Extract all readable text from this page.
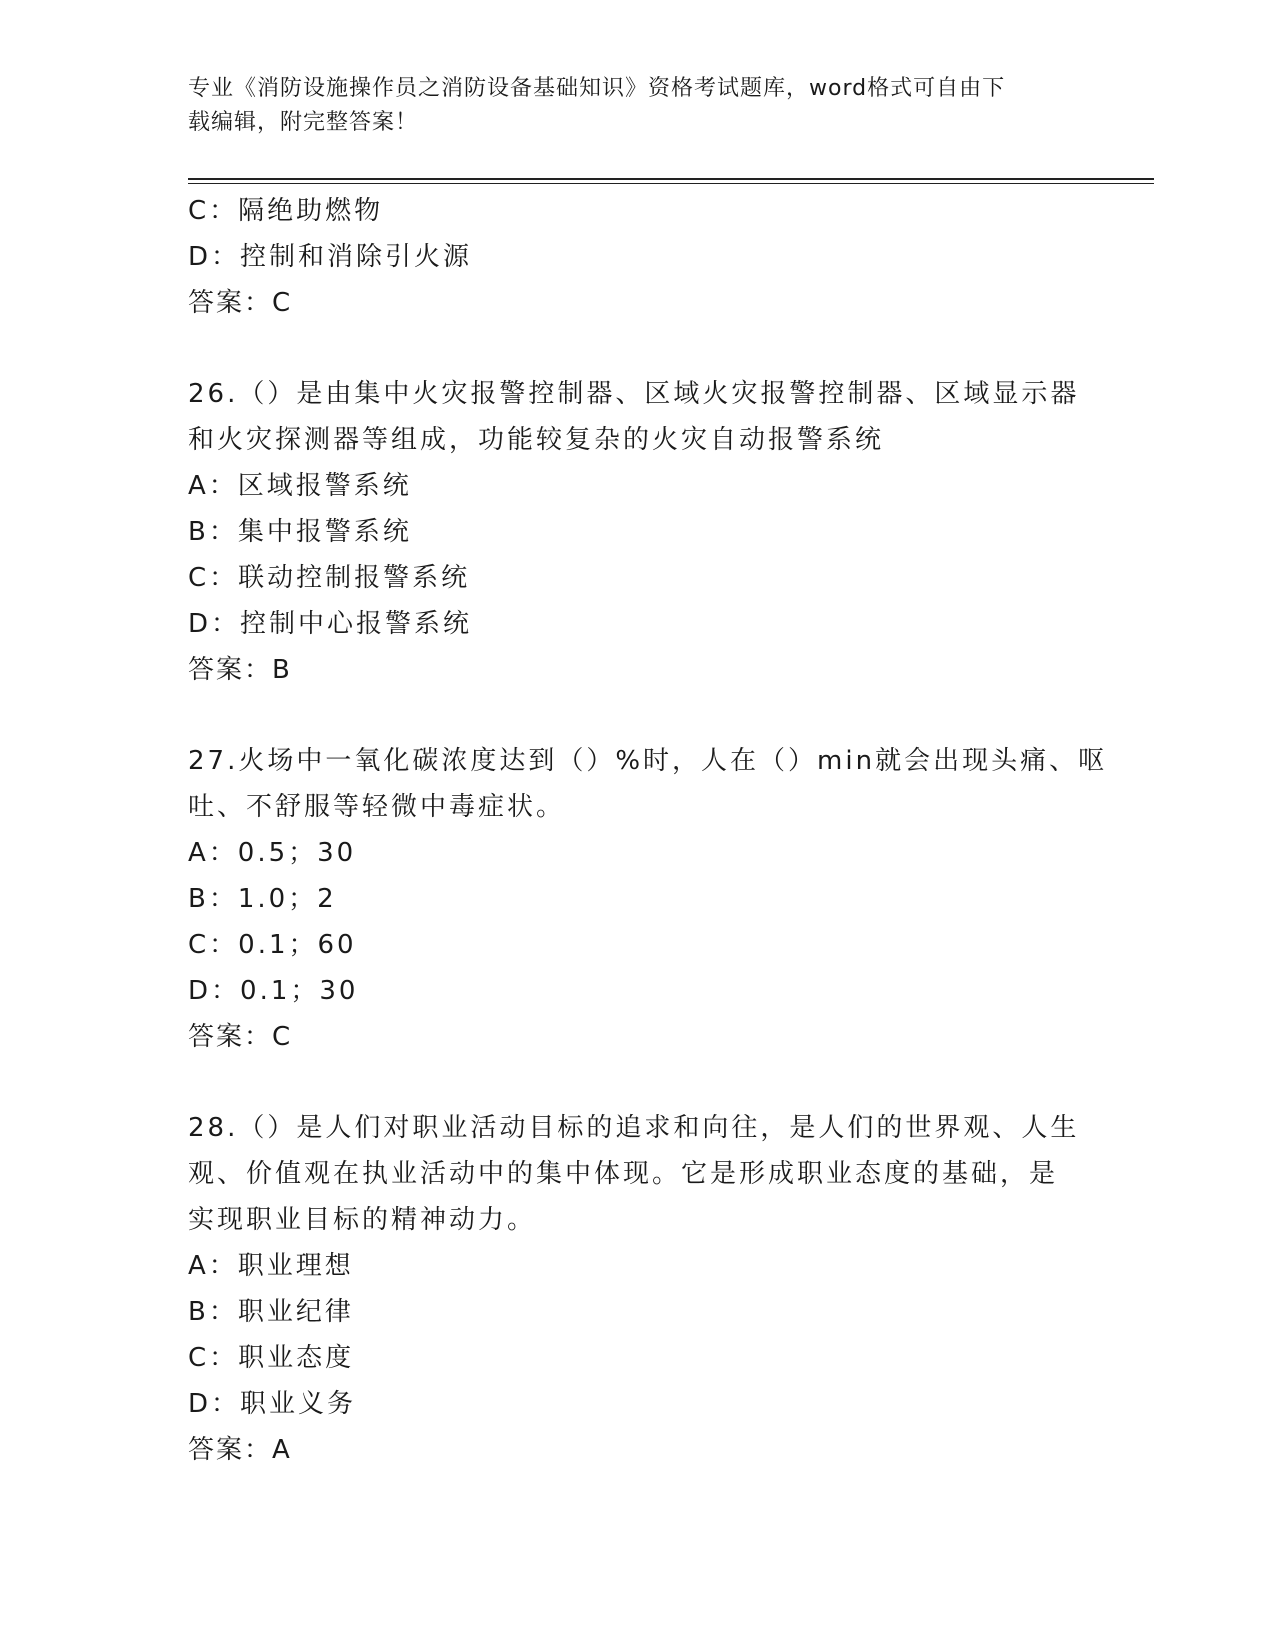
专业《消防设施操作员之消防设备基础知识》资格考试题库，word格式可自由下
载编辑，附完整答案！
C：隔绝助燃物
D：控制和消除引火源
答案：C
26.（）是由集中火灾报警控制器、区域火灾报警控制器、区域显示器
和火灾探测器等组成，功能较复杂的火灾自动报警系统
A：区域报警系统
B：集中报警系统
C：联动控制报警系统
D：控制中心报警系统
答案：B
27.火场中一氧化碳浓度达到（）%时，人在（）min就会出现头痛、呕
吐、不舒服等轻微中毒症状。
A：0.5；30
B：1.0；2
C：0.1；60
D：0.1；30
答案：C
28.（）是人们对职业活动目标的追求和向往，是人们的世界观、人生
观、价值观在执业活动中的集中体现。它是形成职业态度的基础，是
实现职业目标的精神动力。
A：职业理想
B：职业纪律
C：职业态度
D：职业义务
答案：A
